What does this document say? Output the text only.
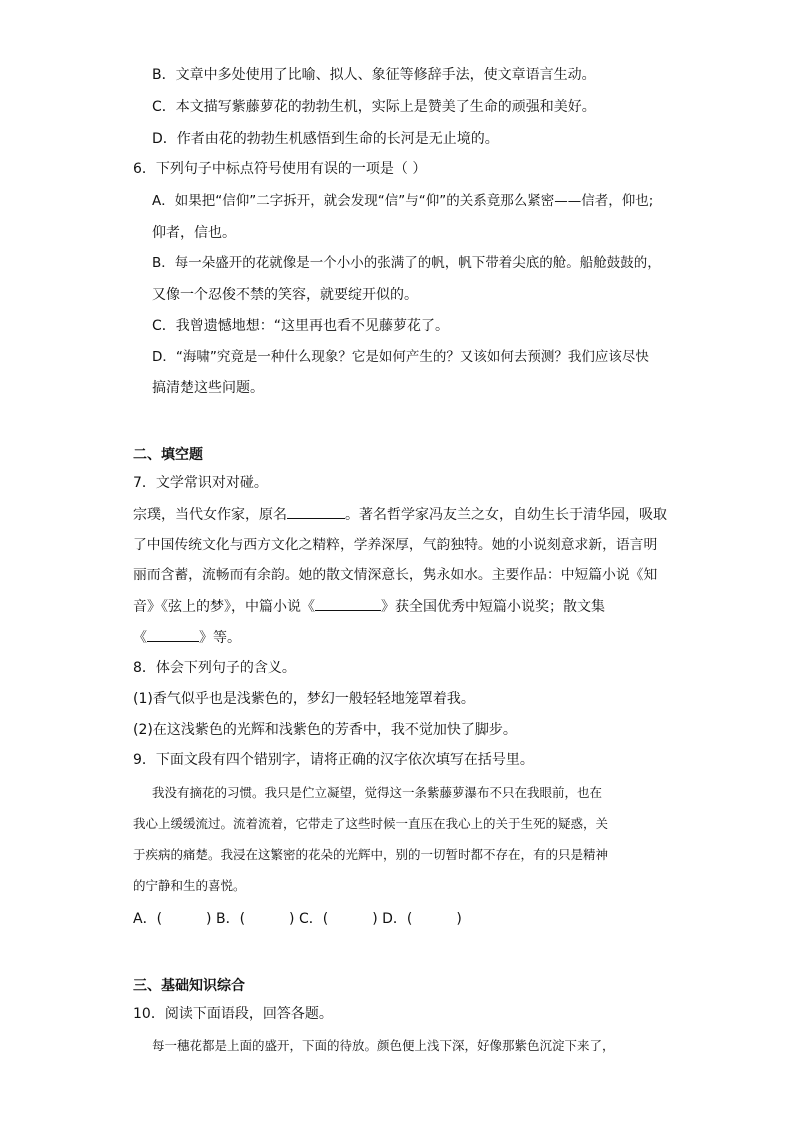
B．文章中多处使用了比喻、拟人、象征等修辞手法，使文章语言生动。
C．本文描写紫藤萝花的勃勃生机，实际上是赞美了生命的顽强和美好。
D．作者由花的勃勃生机感悟到生命的长河是无止境的。
6．下列句子中标点符号使用有误的一项是（ ）
A．如果把“信仰”二字拆开，就会发现“信”与“仰”的关系竟那么紧密——信者，仰也;
仰者，信也。
B．每一朵盛开的花就像是一个小小的张满了的帆，帆下带着尖底的舱。船舱鼓鼓的，
又像一个忍俊不禁的笑容，就要绽开似的。
C．我曾遗憾地想：“这里再也看不见藤萝花了。
D．“海啸”究竟是一种什么现象？它是如何产生的？又该如何去预测？我们应该尽快
搞清楚这些问题。
二、填空题
7．文学常识对对碰。
宗璞，当代女作家，原名	。著名哲学家冯友兰之女，自幼生长于清华园，吸取
了中国传统文化与西方文化之精粹，学养深厚，气韵独特。她的小说刻意求新，语言明
丽而含蓄，流畅而有余韵。她的散文情深意长，隽永如水。主要作品：中短篇小说《知
音》《弦上的梦》，中篇小说《	》获全国优秀中短篇小说奖；散文集
《	》等。
8．体会下列句子的含义。
(1)香气似乎也是浅紫色的，梦幻一般轻轻地笼罩着我。
(2)在这浅紫色的光辉和浅紫色的芳香中，我不觉加快了脚步。
9．下面文段有四个错别字，请将正确的汉字依次填写在括号里。
我没有摘花的习惯。我只是伫立凝望，觉得这一条紫藤萝瀑布不只在我眼前，也在
我心上缓缓流过。流着流着，它带走了这些时候一直压在我心上的关于生死的疑惑，关
于疾病的痛楚。我浸在这繁密的花朵的光辉中，别的一切暂时都不存在，有的只是精神
的宁静和生的喜悦。
A．(	) B．(	) C．(	) D．(	)
三、基础知识综合
10．阅读下面语段，回答各题。
每一穗花都是上面的盛开，下面的待放。颜色便上浅下深，好像那紫色沉淀下来了，
